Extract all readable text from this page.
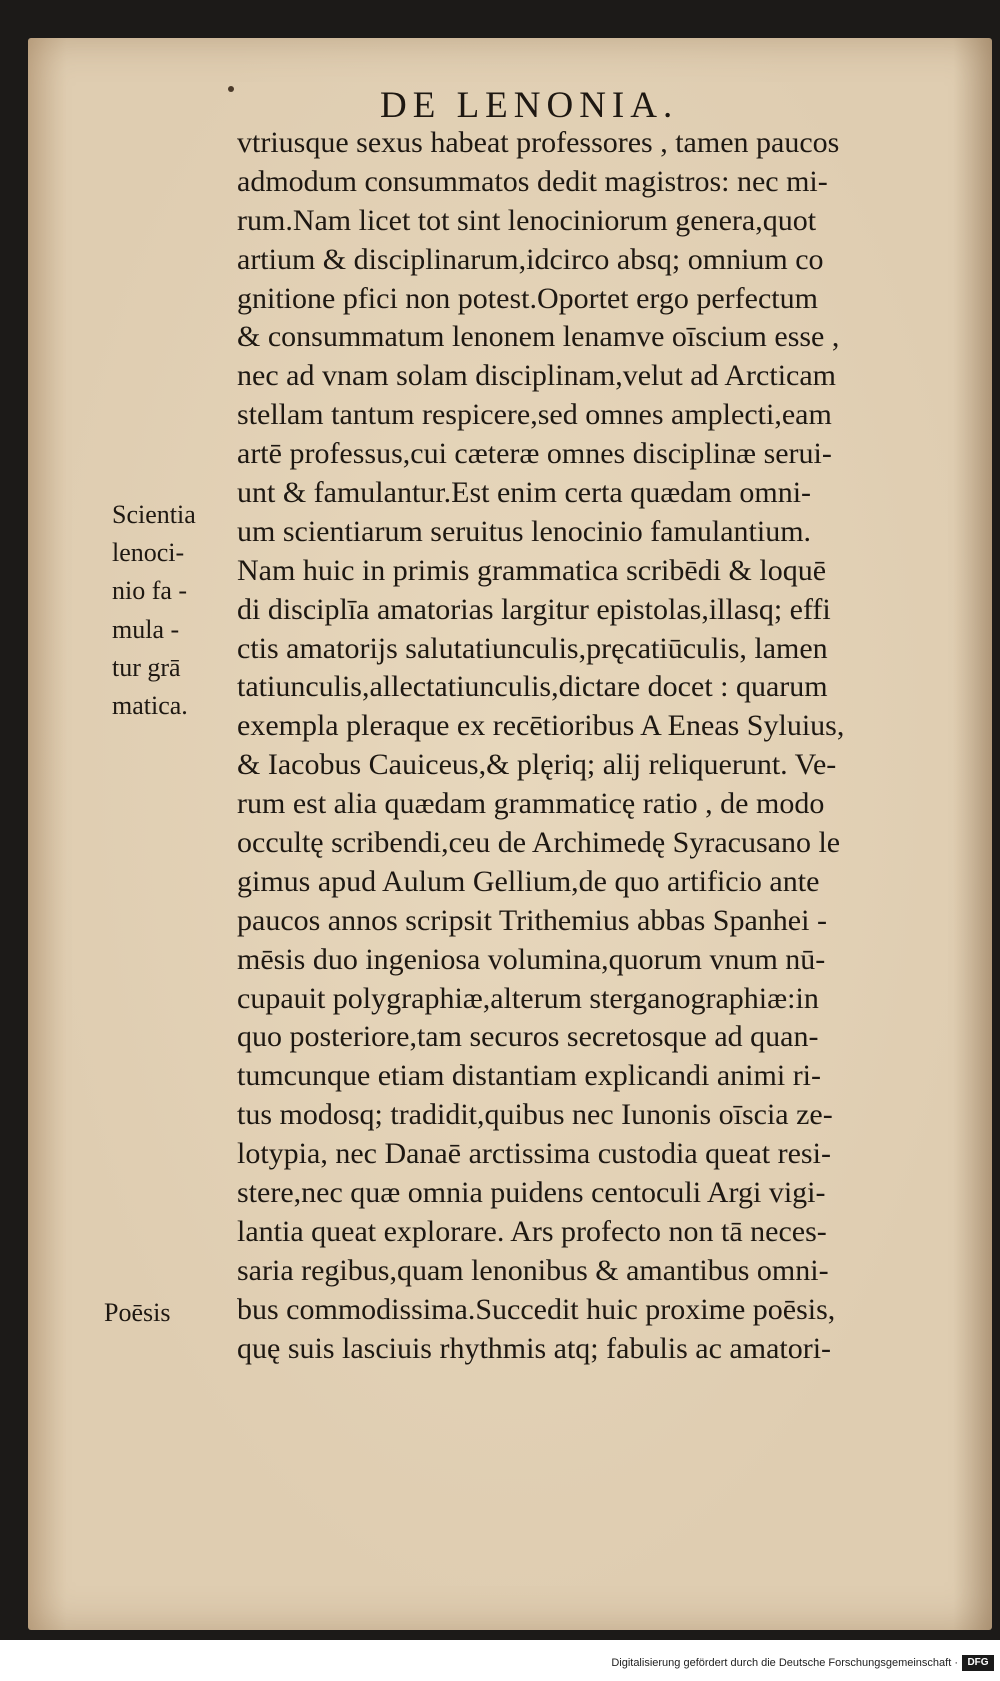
DE LENONIA.
vtriusque sexus habeat professores , tamen paucos
admodum consummatos dedit magistros: nec mi-
rum.Nam licet tot sint lenociniorum genera,quot
artium & disciplinarum,idcirco absq; omnium co
gnitione pfici non potest.Oportet ergo perfectum
& consummatum lenonem lenamve oīscium esse ,
nec ad vnam solam disciplinam,velut ad Arcticam
stellam tantum respicere,sed omnes amplecti,eam
artē professus,cui cæteræ omnes disciplinæ serui-
unt & famulantur.Est enim certa quædam omni-
um scientiarum seruitus lenocinio famulantium.
Nam huic in primis grammatica scribēdi & loquē
di disciplīa amatorias largitur epistolas,illasq; effi
ctis amatorijs salutatiunculis,pręcatiūculis, lamen
tatiunculis,allectatiunculis,dictare docet : quarum
exempla pleraque ex recētioribus A Eneas Syluius,
& Iacobus Cauiceus,& plęriq; alij reliquerunt. Ve-
rum est alia quædam grammaticę ratio , de modo
occultę scribendi,ceu de Archimedę Syracusano le
gimus apud Aulum Gellium,de quo artificio ante
paucos annos scripsit Trithemius abbas Spanhei -
mēsis duo ingeniosa volumina,quorum vnum nū-
cupauit polygraphiæ,alterum sterganographiæ:in
quo posteriore,tam securos secretosque ad quan-
tumcunque etiam distantiam explicandi animi ri-
tus modosq; tradidit,quibus nec Iunonis oīscia ze-
lotypia, nec Danaē arctissima custodia queat resi-
stere,nec quæ omnia puidens centoculi Argi vigi-
lantia queat explorare. Ars profecto non tā neces-
saria regibus,quam lenonibus & amantibus omni-
bus commodissima.Succedit huic proxime poēsis,
quę suis lasciuis rhythmis atq; fabulis ac amatori-
Scientia
lenoci-
nio fa -
mula -
tur grā
matica.
Poēsis
Digitalisierung gefördert durch die Deutsche Forschungsgemeinschaft · DFG
